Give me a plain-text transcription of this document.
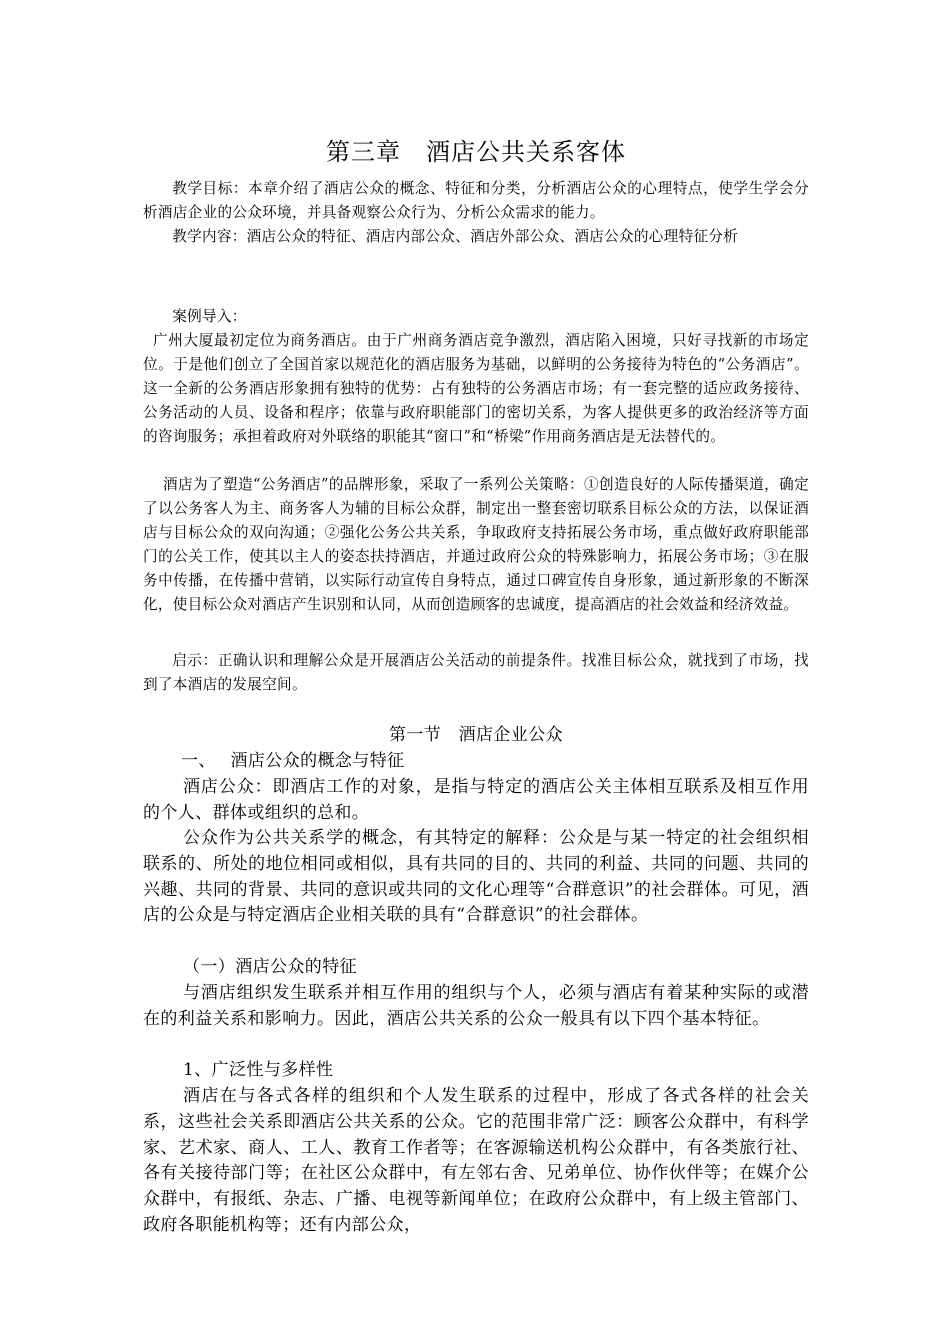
第三章　酒店公共关系客体

教学目标：本章介绍了酒店公众的概念、特征和分类，分析酒店公众的心理特点，使学生学会分析酒店企业的公众环境，并具备观察公众行为、分析公众需求的能力。

教学内容：酒店公众的特征、酒店内部公众、酒店外部公众、酒店公众的心理特征分析

案例导入：

广州大厦最初定位为商务酒店。由于广州商务酒店竞争激烈，酒店陷入困境，只好寻找新的市场定位。于是他们创立了全国首家以规范化的酒店服务为基础，以鲜明的公务接待为特色的“公务酒店”。这一全新的公务酒店形象拥有独特的优势：占有独特的公务酒店市场；有一套完整的适应政务接待、公务活动的人员、设备和程序；依靠与政府职能部门的密切关系，为客人提供更多的政治经济等方面的咨询服务；承担着政府对外联络的职能其“窗口”和“桥梁”作用商务酒店是无法替代的。

酒店为了塑造“公务酒店”的品牌形象，采取了一系列公关策略：①创造良好的人际传播渠道，确定了以公务客人为主、商务客人为辅的目标公众群，制定出一整套密切联系目标公众的方法，以保证酒店与目标公众的双向沟通；②强化公务公共关系，争取政府支持拓展公务市场，重点做好政府职能部门的公关工作，使其以主人的姿态扶持酒店，并通过政府公众的特殊影响力，拓展公务市场；③在服务中传播，在传播中营销，以实际行动宣传自身特点，通过口碑宣传自身形象，通过新形象的不断深化，使目标公众对酒店产生识别和认同，从而创造顾客的忠诚度，提高酒店的社会效益和经济效益。

启示：正确认识和理解公众是开展酒店公关活动的前提条件。找准目标公众，就找到了市场，找到了本酒店的发展空间。

第一节　酒店企业公众

一、　 酒店公众的概念与特征

酒店公众：即酒店工作的对象，是指与特定的酒店公关主体相互联系及相互作用的个人、群体或组织的总和。

公众作为公共关系学的概念，有其特定的解释：公众是与某一特定的社会组织相联系的、所处的地位相同或相似，具有共同的目的、共同的利益、共同的问题、共同的兴趣、共同的背景、共同的意识或共同的文化心理等“合群意识”的社会群体。可见，酒店的公众是与特定酒店企业相关联的具有“合群意识”的社会群体。

（一）酒店公众的特征

与酒店组织发生联系并相互作用的组织与个人，必须与酒店有着某种实际的或潜在的利益关系和影响力。因此，酒店公共关系的公众一般具有以下四个基本特征。

1、广泛性与多样性

酒店在与各式各样的组织和个人发生联系的过程中，形成了各式各样的社会关系，这些社会关系即酒店公共关系的公众。它的范围非常广泛：顾客公众群中，有科学家、艺术家、商人、工人、教育工作者等；在客源输送机构公众群中，有各类旅行社、各有关接待部门等；在社区公众群中，有左邻右舍、兄弟单位、协作伙伴等；在媒介公众群中，有报纸、杂志、广播、电视等新闻单位；在政府公众群中，有上级主管部门、政府各职能机构等；还有内部公众，
